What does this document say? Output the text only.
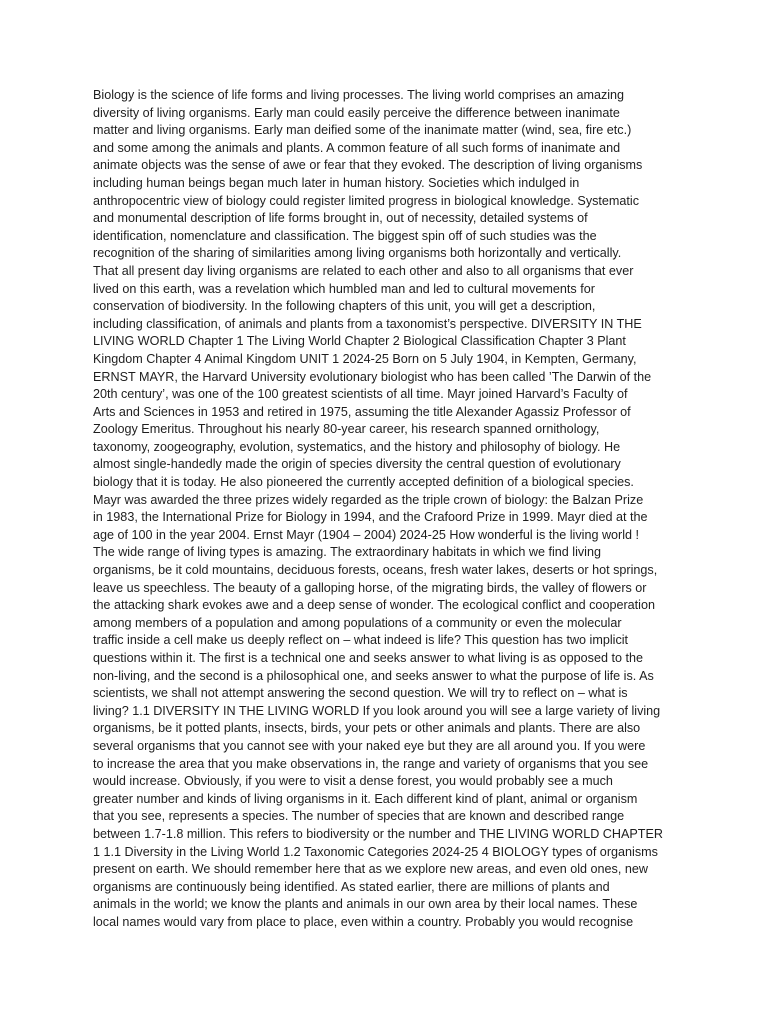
Biology is the science of life forms and living processes. The living world comprises an amazing
diversity of living organisms. Early man could easily perceive the difference between inanimate
matter and living organisms. Early man deified some of the inanimate matter (wind, sea, fire etc.)
and some among the animals and plants. A common feature of all such forms of inanimate and
animate objects was the sense of awe or fear that they evoked. The description of living organisms
including human beings began much later in human history. Societies which indulged in
anthropocentric view of biology could register limited progress in biological knowledge. Systematic
and monumental description of life forms brought in, out of necessity, detailed systems of
identification, nomenclature and classification. The biggest spin off of such studies was the
recognition of the sharing of similarities among living organisms both horizontally and vertically.
That all present day living organisms are related to each other and also to all organisms that ever
lived on this earth, was a revelation which humbled man and led to cultural movements for
conservation of biodiversity. In the following chapters of this unit, you will get a description,
including classification, of animals and plants from a taxonomist’s perspective. DIVERSITY IN THE
LIVING WORLD Chapter 1 The Living World Chapter 2 Biological Classification Chapter 3 Plant
Kingdom Chapter 4 Animal Kingdom UNIT 1 2024-25 Born on 5 July 1904, in Kempten, Germany,
ERNST MAYR, the Harvard University evolutionary biologist who has been called ’The Darwin of the
20th century’, was one of the 100 greatest scientists of all time. Mayr joined Harvard’s Faculty of
Arts and Sciences in 1953 and retired in 1975, assuming the title Alexander Agassiz Professor of
Zoology Emeritus. Throughout his nearly 80-year career, his research spanned ornithology,
taxonomy, zoogeography, evolution, systematics, and the history and philosophy of biology. He
almost single-handedly made the origin of species diversity the central question of evolutionary
biology that it is today. He also pioneered the currently accepted definition of a biological species.
Mayr was awarded the three prizes widely regarded as the triple crown of biology: the Balzan Prize
in 1983, the International Prize for Biology in 1994, and the Crafoord Prize in 1999. Mayr died at the
age of 100 in the year 2004. Ernst Mayr (1904 – 2004) 2024-25 How wonderful is the living world !
The wide range of living types is amazing. The extraordinary habitats in which we find living
organisms, be it cold mountains, deciduous forests, oceans, fresh water lakes, deserts or hot springs,
leave us speechless. The beauty of a galloping horse, of the migrating birds, the valley of flowers or
the attacking shark evokes awe and a deep sense of wonder. The ecological conflict and cooperation
among members of a population and among populations of a community or even the molecular
traffic inside a cell make us deeply reflect on – what indeed is life? This question has two implicit
questions within it. The first is a technical one and seeks answer to what living is as opposed to the
non-living, and the second is a philosophical one, and seeks answer to what the purpose of life is. As
scientists, we shall not attempt answering the second question. We will try to reflect on – what is
living? 1.1 DIVERSITY IN THE LIVING WORLD If you look around you will see a large variety of living
organisms, be it potted plants, insects, birds, your pets or other animals and plants. There are also
several organisms that you cannot see with your naked eye but they are all around you. If you were
to increase the area that you make observations in, the range and variety of organisms that you see
would increase. Obviously, if you were to visit a dense forest, you would probably see a much
greater number and kinds of living organisms in it. Each different kind of plant, animal or organism
that you see, represents a species. The number of species that are known and described range
between 1.7-1.8 million. This refers to biodiversity or the number and THE LIVING WORLD CHAPTER
1 1.1 Diversity in the Living World 1.2 Taxonomic Categories 2024-25 4 BIOLOGY types of organisms
present on earth. We should remember here that as we explore new areas, and even old ones, new
organisms are continuously being identified. As stated earlier, there are millions of plants and
animals in the world; we know the plants and animals in our own area by their local names. These
local names would vary from place to place, even within a country. Probably you would recognise
